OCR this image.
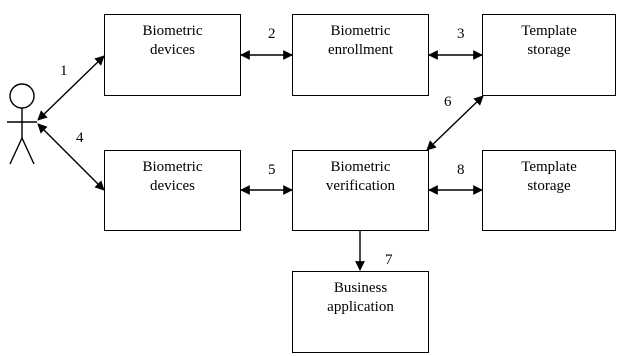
Biometric
devices
Biometric
enrollment
Template
storage
Biometric
devices
Biometric
verification
Template
storage
Business
application
1
2	3
4
5
6
7
8
